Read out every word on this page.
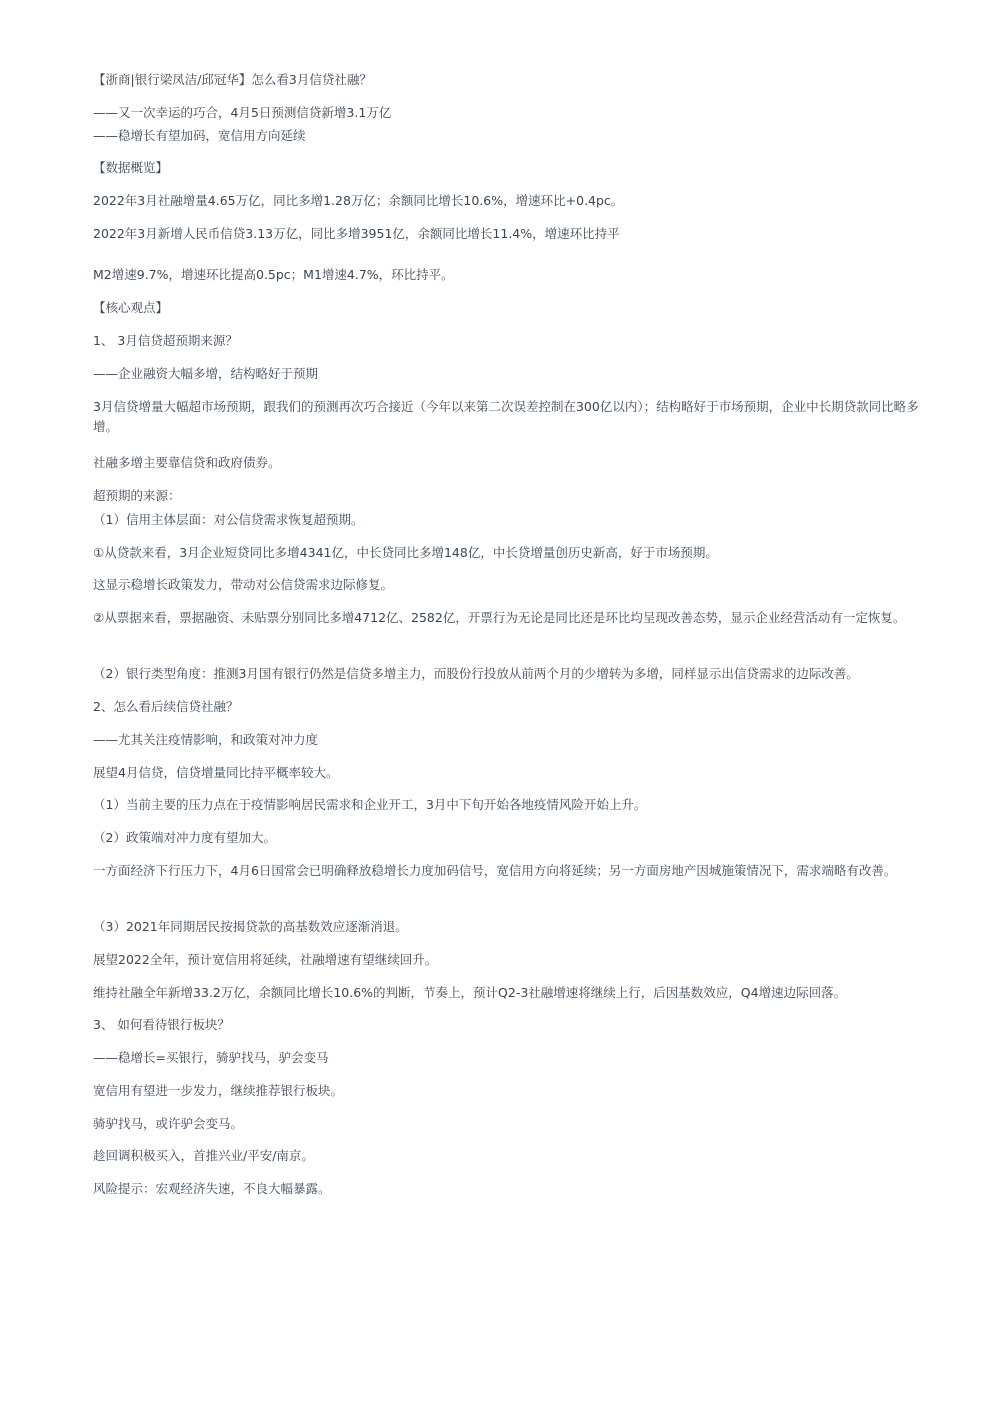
【浙商|银行梁凤洁/邱冠华】怎么看3月信贷社融？
——又一次幸运的巧合，4月5日预测信贷新增3.1万亿
——稳增长有望加码，宽信用方向延续
【数据概览】
2022年3月社融增量4.65万亿，同比多增1.28万亿；余额同比增长10.6%，增速环比+0.4pc。
2022年3月新增人民币信贷3.13万亿，同比多增3951亿，余额同比增长11.4%，增速环比持平
M2增速9.7%，增速环比提高0.5pc；M1增速4.7%，环比持平。
【核心观点】
1、 3月信贷超预期来源？
——企业融资大幅多增，结构略好于预期
3月信贷增量大幅超市场预期，跟我们的预测再次巧合接近（今年以来第二次误差控制在300亿以内）；结构略好于市场预期，企业中长期贷款同比略多增。
社融多增主要靠信贷和政府债券。
超预期的来源：
（1）信用主体层面：对公信贷需求恢复超预期。
①从贷款来看，3月企业短贷同比多增4341亿，中长贷同比多增148亿，中长贷增量创历史新高，好于市场预期。
这显示稳增长政策发力，带动对公信贷需求边际修复。
②从票据来看，票据融资、未贴票分别同比多增4712亿、2582亿，开票行为无论是同比还是环比均呈现改善态势，显示企业经营活动有一定恢复。
（2）银行类型角度：推测3月国有银行仍然是信贷多增主力，而股份行投放从前两个月的少增转为多增，同样显示出信贷需求的边际改善。
2、怎么看后续信贷社融？
——尤其关注疫情影响，和政策对冲力度
展望4月信贷，信贷增量同比持平概率较大。
（1）当前主要的压力点在于疫情影响居民需求和企业开工，3月中下旬开始各地疫情风险开始上升。
（2）政策端对冲力度有望加大。
一方面经济下行压力下，4月6日国常会已明确释放稳增长力度加码信号，宽信用方向将延续；另一方面房地产因城施策情况下，需求端略有改善。
（3）2021年同期居民按揭贷款的高基数效应逐渐消退。
展望2022全年，预计宽信用将延续，社融增速有望继续回升。
维持社融全年新增33.2万亿，余额同比增长10.6%的判断，节奏上，预计Q2-3社融增速将继续上行，后因基数效应，Q4增速边际回落。
3、 如何看待银行板块？
——稳增长=买银行，骑驴找马，驴会变马
宽信用有望进一步发力，继续推荐银行板块。
骑驴找马，或许驴会变马。
趁回调积极买入，首推兴业/平安/南京。
风险提示：宏观经济失速，不良大幅暴露。
